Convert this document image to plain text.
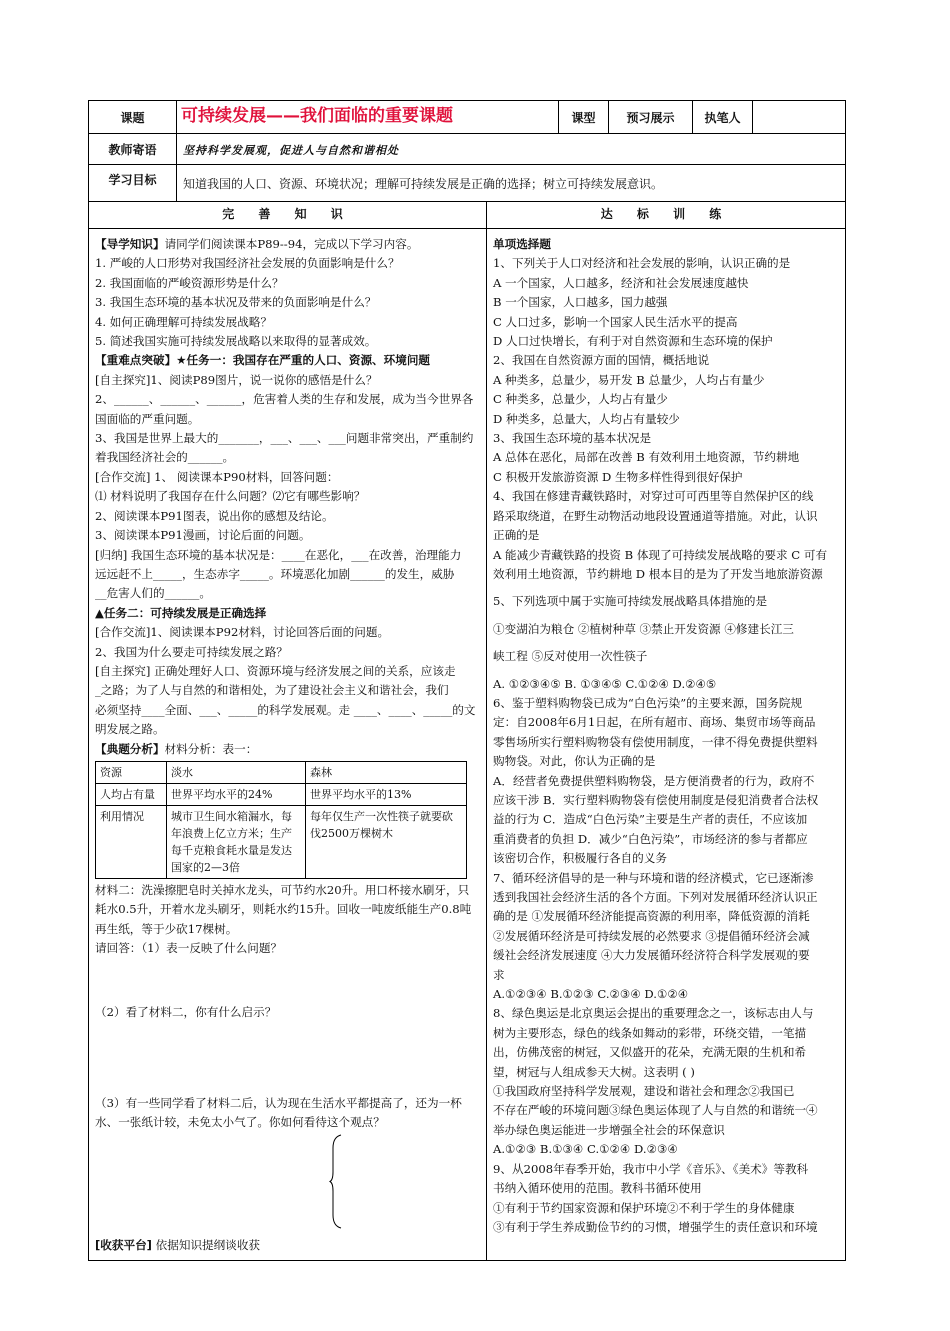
课题	可持续发展——我们面临的重要课题	课型	预习展示	执笔人
教师寄语	坚持科学发展观，促进人与自然和谐相处
学习目标	知道我国的人口、资源、环境状况；理解可持续发展是正确的选择；树立可持续发展意识。
完 善 知 识	达 标 训 练

【导学知识】请同学们阅读课本P89--94，完成以下学习内容。

1. 严峻的人口形势对我国经济社会发展的负面影响是什么？

2. 我国面临的严峻资源形势是什么？

3. 我国生态环境的基本状况及带来的负面影响是什么？

4. 如何正确理解可持续发展战略？

5. 简述我国实施可持续发展战略以来取得的显著成效。

【重难点突破】★任务一：我国存在严重的人口、资源、环境问题

[自主探究]1、阅读P89图片，说一说你的感悟是什么？

2、______、______、______，危害着人类的生存和发展，成为当今世界各

国面临的严重问题。

3、我国是世界上最大的_______，___、___、___问题非常突出，严重制约

着我国经济社会的______。

[合作交流] 1、 阅读课本P90材料，回答问题：

⑴ 材料说明了我国存在什么问题？⑵它有哪些影响？

2、阅读课本P91图表，说出你的感想及结论。

3、阅读课本P91漫画，讨论后面的问题。

[归纳] 我国生态环境的基本状况是：____在恶化，___在改善，治理能力

远远赶不上_____，生态赤字_____。环境恶化加剧______的发生，威胁

__危害人们的______。

▲任务二：可持续发展是正确选择

[合作交流]1、阅读课本P92材料，讨论回答后面的问题。

2、我国为什么要走可持续发展之路？

[自主探究] 正确处理好人口、资源环境与经济发展之间的关系，应该走

_之路；为了人与自然的和谐相处，为了建设社会主义和谐社会，我们

必须坚持____全面、___、_____的科学发展观。走 ____、____、_____的文

明发展之路。

【典题分析】材料分析：表一：

资源	淡水	森林
人均占有量	世界平均水平的24%	世界平均水平的13%
利用情况	城市卫生间水箱漏水，每年浪费上亿立方米；生产每千克粮食耗水量是发达国家的2—3倍	每年仅生产一次性筷子就要砍伐2500万棵树木

材料二：洗澡擦肥皂时关掉水龙头，可节约水20升。用口杯接水刷牙，只耗水0.5升，开着水龙头刷牙，则耗水约15升。回收一吨废纸能生产0.8吨再生纸，等于少砍17棵树。

请回答：（1）表一反映了什么问题？

（2）看了材料二，你有什么启示？

（3）有一些同学看了材料二后，认为现在生活水平都提高了，还为一杯水、一张纸计较，未免太小气了。你如何看待这个观点？

[收获平台] 依据知识提纲谈收获

单项选择题

1、下列关于人口对经济和社会发展的影响，认识正确的是

A 一个国家，人口越多，经济和社会发展速度越快

B 一个国家，人口越多，国力越强

C 人口过多，影响一个国家人民生活水平的提高

D 人口过快增长，有利于对自然资源和生态环境的保护

2、我国在自然资源方面的国情，概括地说

A 种类多，总量少，易开发 B 总量少，人均占有量少

C 种类多，总量少，人均占有量少

D 种类多，总量大，人均占有量较少

3、我国生态环境的基本状况是

A 总体在恶化，局部在改善 B 有效利用土地资源，节约耕地

C 积极开发旅游资源 D 生物多样性得到很好保护

4、我国在修建青藏铁路时，对穿过可可西里等自然保护区的线

路采取绕道，在野生动物活动地段设置通道等措施。对此，认识

正确的是

A 能减少青藏铁路的投资 B 体现了可持续发展战略的要求 C 可有

效利用土地资源，节约耕地 D 根本目的是为了开发当地旅游资源

5、下列选项中属于实施可持续发展战略具体措施的是

①变湖泊为粮仓 ②植树种草 ③禁止开发资源 ④修建长江三

峡工程 ⑤反对使用一次性筷子

A. ①②③④⑤ B. ①③④⑤ C.①②④ D.②④⑤

6、鉴于塑料购物袋已成为“白色污染”的主要来源，国务院规

定：自2008年6月1日起，在所有超市、商场、集贸市场等商品

零售场所实行塑料购物袋有偿使用制度，一律不得免费提供塑料

购物袋。对此，你认为正确的是

A．经营者免费提供塑料购物袋，是方便消费者的行为，政府不

应该干涉 B．实行塑料购物袋有偿使用制度是侵犯消费者合法权

益的行为 C．造成“白色污染”主要是生产者的责任，不应该加

重消费者的负担 D．减少“白色污染”，市场经济的参与者都应

该密切合作，积极履行各自的义务

7、循环经济倡导的是一种与环境和谐的经济模式，它已逐渐渗

透到我国社会经济生活的各个方面。下列对发展循环经济认识正

确的是 ①发展循环经济能提高资源的利用率，降低资源的消耗

②发展循环经济是可持续发展的必然要求 ③提倡循环经济会减

缓社会经济发展速度 ④大力发展循环经济符合科学发展观的要

求

A.①②③④ B.①②③ C.②③④ D.①②④

8、绿色奥运是北京奥运会提出的重要理念之一，该标志由人与

树为主要形态，绿色的线条如舞动的彩带，环绕交错，一笔描

出，仿佛茂密的树冠，又似盛开的花朵，充满无限的生机和希

望，树冠与人组成参天大树。这表明 ( )

①我国政府坚持科学发展观，建设和谐社会和理念②我国已

不存在严峻的环境问题③绿色奥运体现了人与自然的和谐统一④

举办绿色奥运能进一步增强全社会的环保意识

A.①②③ B.①③④ C.①②④ D.②③④

9、从2008年春季开始，我市中小学《音乐》、《美术》等教科

书纳入循环使用的范围。教科书循环使用

①有利于节约国家资源和保护环境②不利于学生的身体健康

③有利于学生养成勤俭节约的习惯，增强学生的责任意识和环境
